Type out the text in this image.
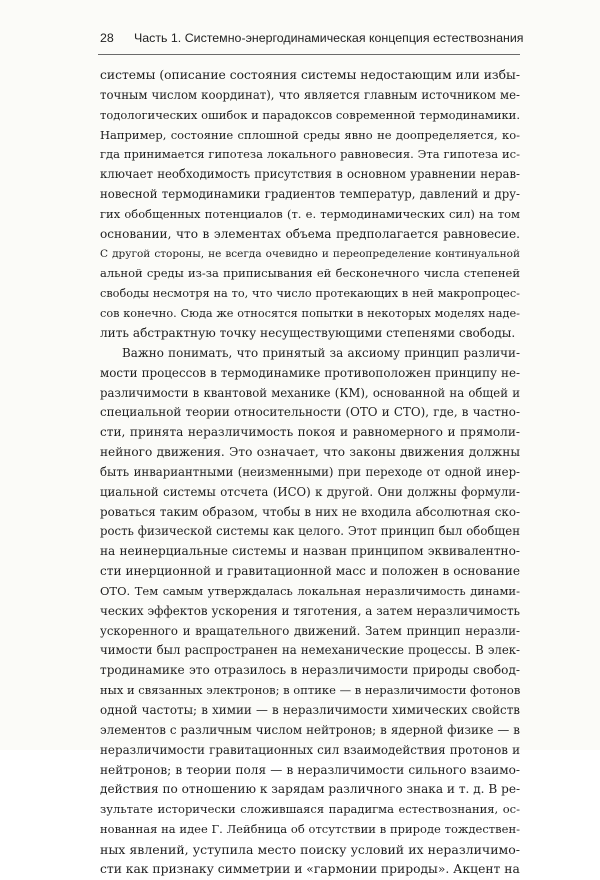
28 Часть 1. Системно-энергодинамическая концепция естествознания
системы (описание состояния системы недостающим или избы-
точным числом координат), что является главным источником ме-
тодологических ошибок и парадоксов современной термодинамики.
Например, состояние сплошной среды явно не доопределяется, ко-
гда принимается гипотеза локального равновесия. Эта гипотеза ис-
ключает необходимость присутствия в основном уравнении нерав-
новесной термодинамики градиентов температур, давлений и дру-
гих обобщенных потенциалов (т. е. термодинамических сил) на том
основании, что в элементах объема предполагается равновесие.
С другой стороны, не всегда очевидно и переопределение континуальной
альной среды из-за приписывания ей бесконечного числа степеней
свободы несмотря на то, что число протекающих в ней макропроцес-
сов конечно. Сюда же относятся попытки в некоторых моделях наде-
лить абстрактную точку несуществующими степенями свободы.
Важно понимать, что принятый за аксиому принцип различи-
мости процессов в термодинамике противоположен принципу не-
различимости в квантовой механике (КМ), основанной на общей и
специальной теории относительности (ОТО и СТО), где, в частно-
сти, принята неразличимость покоя и равномерного и прямоли-
нейного движения. Это означает, что законы движения должны
быть инвариантными (неизменными) при переходе от одной инер-
циальной системы отсчета (ИСО) к другой. Они должны формули-
роваться таким образом, чтобы в них не входила абсолютная ско-
рость физической системы как целого. Этот принцип был обобщен
на неинерциальные системы и назван принципом эквивалентно-
сти инерционной и гравитационной масс и положен в основание
ОТО. Тем самым утверждалась локальная неразличимость динами-
ческих эффектов ускорения и тяготения, а затем неразличимость
ускоренного и вращательного движений. Затем принцип неразли-
чимости был распространен на немеханические процессы. В элек-
тродинамике это отразилось в неразличимости природы свобод-
ных и связанных электронов; в оптике — в неразличимости фотонов
одной частоты; в химии — в неразличимости химических свойств
элементов с различным числом нейтронов; в ядерной физике — в
неразличимости гравитационных сил взаимодействия протонов и
нейтронов; в теории поля — в неразличимости сильного взаимо-
действия по отношению к зарядам различного знака и т. д. В ре-
зультате исторически сложившаяся парадигма естествознания, ос-
нованная на идее Г. Лейбница об отсутствии в природе тождествен-
ных явлений, уступила место поиску условий их неразличимо-
сти как признаку симметрии и «гармонии природы». Акцент на
